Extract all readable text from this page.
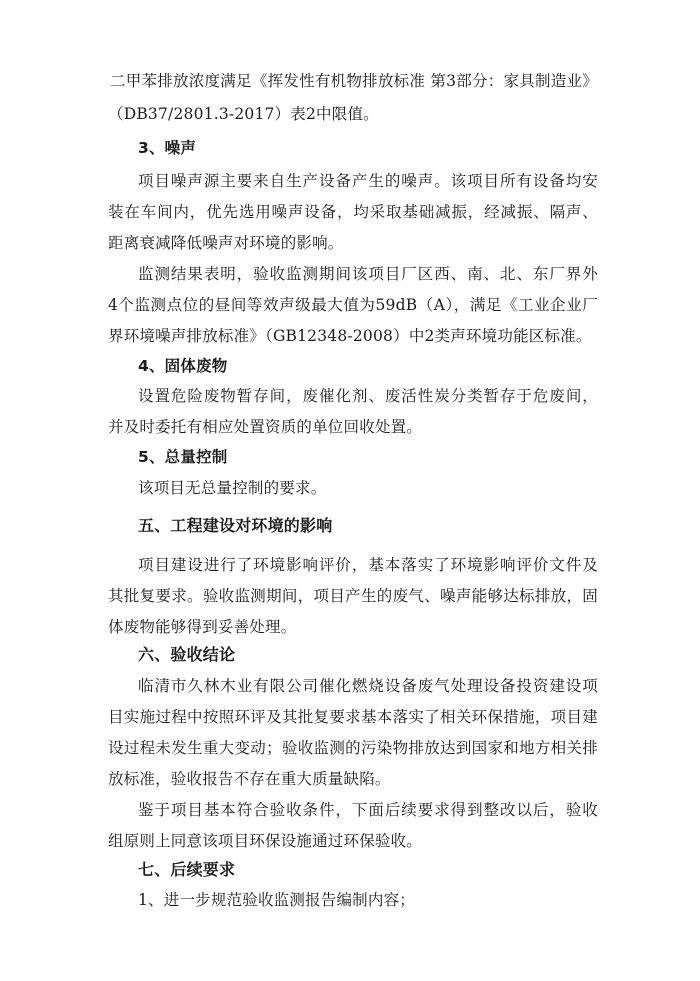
二甲苯排放浓度满足《挥发性有机物排放标准 第3部分：家具制造业》
（DB37/2801.3-2017）表2中限值。
3、噪声
项目噪声源主要来自生产设备产生的噪声。该项目所有设备均安
装在车间内，优先选用噪声设备，均采取基础减振，经减振、隔声、
距离衰减降低噪声对环境的影响。
监测结果表明，验收监测期间该项目厂区西、南、北、东厂界外
4个监测点位的昼间等效声级最大值为59dB（A），满足《工业企业厂
界环境噪声排放标准》（GB12348-2008）中2类声环境功能区标准。
4、固体废物
设置危险废物暂存间，废催化剂、废活性炭分类暂存于危废间，
并及时委托有相应处置资质的单位回收处置。
5、总量控制
该项目无总量控制的要求。
五、工程建设对环境的影响
项目建设进行了环境影响评价，基本落实了环境影响评价文件及
其批复要求。验收监测期间，项目产生的废气、噪声能够达标排放，固
体废物能够得到妥善处理。
六、验收结论
临清市久林木业有限公司催化燃烧设备废气处理设备投资建设项
目实施过程中按照环评及其批复要求基本落实了相关环保措施，项目建
设过程未发生重大变动；验收监测的污染物排放达到国家和地方相关排
放标准，验收报告不存在重大质量缺陷。
鉴于项目基本符合验收条件，下面后续要求得到整改以后，验收
组原则上同意该项目环保设施通过环保验收。
七、后续要求
1、进一步规范验收监测报告编制内容；
